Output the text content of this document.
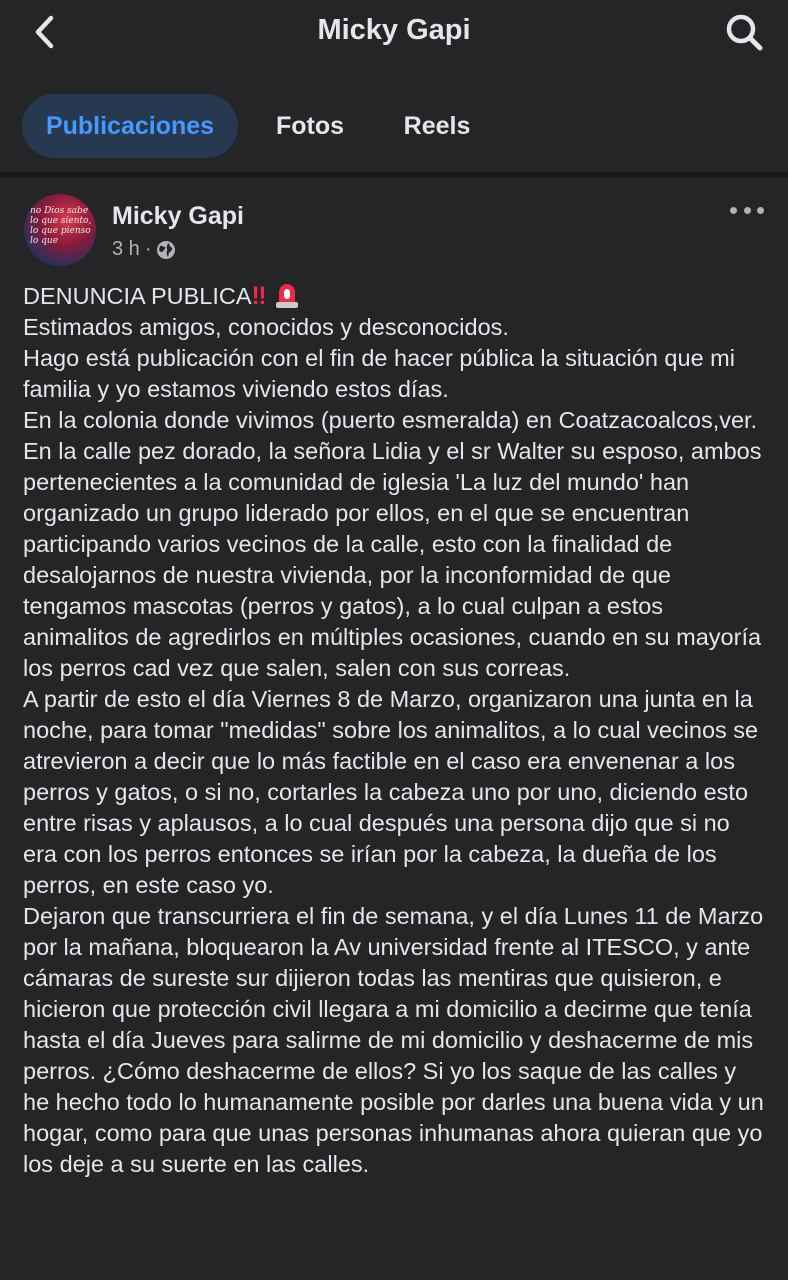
Micky Gapi
Publicaciones	Fotos	Reels
no Dios sabe lo que siento, lo que pienso lo que
Micky Gapi
3 h ·

DENUNCIA PUBLICA‼

Estimados amigos, conocidos y desconocidos.

Hago está publicación con el fin de hacer pública la situación que mi familia y yo estamos viviendo estos días.

En la colonia donde vivimos (puerto esmeralda) en Coatzacoalcos,ver. En la calle pez dorado, la señora Lidia y el sr Walter su esposo, ambos pertenecientes a la comunidad de iglesia 'La luz del mundo' han organizado un grupo liderado por ellos, en el que se encuentran participando varios vecinos de la calle, esto con la finalidad de desalojarnos de nuestra vivienda, por la inconformidad de que tengamos mascotas (perros y gatos), a lo cual culpan a estos animalitos de agredirlos en múltiples ocasiones, cuando en su mayoría los perros cad vez que salen, salen con sus correas.

A partir de esto el día Viernes 8 de Marzo, organizaron una junta en la noche, para tomar "medidas" sobre los animalitos, a lo cual vecinos se atrevieron a decir que lo más factible en el caso era envenenar a los perros y gatos, o si no, cortarles la cabeza uno por uno, diciendo esto entre risas y aplausos, a lo cual después una persona dijo que si no era con los perros entonces se irían por la cabeza, la dueña de los perros, en este caso yo.

Dejaron que transcurriera el fin de semana, y el día Lunes 11 de Marzo por la mañana, bloquearon la Av universidad frente al ITESCO, y ante cámaras de sureste sur dijieron todas las mentiras que quisieron, e hicieron que protección civil llegara a mi domicilio a decirme que tenía hasta el día Jueves para salirme de mi domicilio y deshacerme de mis perros. ¿Cómo deshacerme de ellos? Si yo los saque de las calles y he hecho todo lo humanamente posible por darles una buena vida y un hogar, como para que unas personas inhumanas ahora quieran que yo los deje a su suerte en las calles.
